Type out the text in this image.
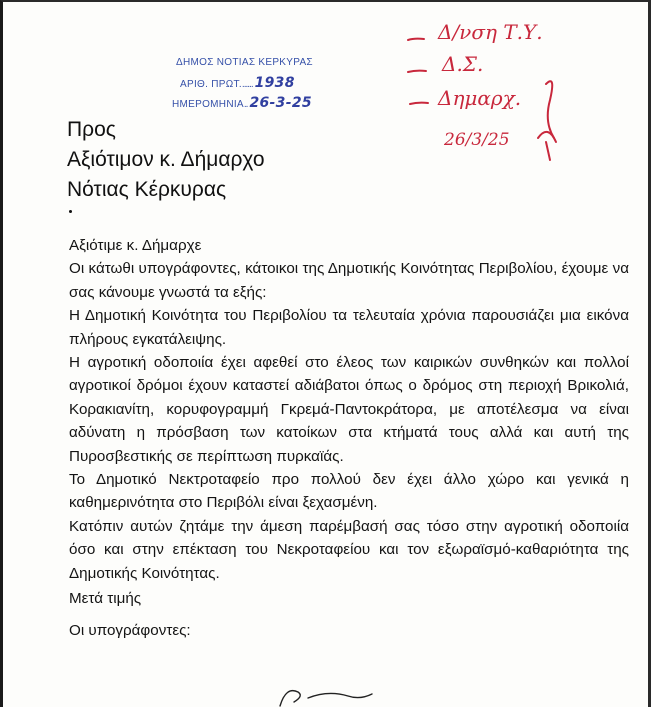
ΔΗΜΟΣ ΝΟΤΙΑΣ ΚΕΡΚΥΡΑΣ
ΑΡΙΘ. ΠΡΩΤ....... 1938
ΗΜΕΡΟΜΗΝΙΑ.. 26-3-25
Δ/νση Τ.Υ.
Δ.Σ.
Δημαρχ.
26/3/25
Προς
Αξιότιμον κ. Δήμαρχο
Νότιας Κέρκυρας

Αξιότιμε κ. Δήμαρχε

Οι κάτωθι υπογράφοντες, κάτοικοι της Δημοτικής Κοινότητας Περιβολίου, έχουμε να σας κάνουμε γνωστά τα εξής:

Η Δημοτική Κοινότητα του Περιβολίου τα τελευταία χρόνια παρουσιάζει μια εικόνα πλήρους εγκατάλειψης.

Η αγροτική οδοποιία έχει αφεθεί στο έλεος των καιρικών συνθηκών και πολλοί αγροτικοί δρόμοι έχουν καταστεί αδιάβατοι όπως ο δρόμος στη περιοχή Βρικολιά, Κορακιανίτη, κορυφογραμμή Γκρεμά-Παντοκράτορα, με αποτέλεσμα να είναι αδύνατη η πρόσβαση των κατοίκων στα κτήματά τους αλλά και αυτή της Πυροσβεστικής σε περίπτωση πυρκαϊάς.

Το Δημοτικό Νεκτροταφείο προ πολλού δεν έχει άλλο χώρο και γενικά η καθημερινότητα στο Περιβόλι είναι ξεχασμένη.

Κατόπιν αυτών ζητάμε την άμεση παρέμβασή σας τόσο στην αγροτική οδοποιία όσο και στην επέκταση του Νεκροταφείου και τον εξωραϊσμό-καθαριότητα της Δημοτικής Κοινότητας.

Μετά τιμής

Οι υπογράφοντες:
